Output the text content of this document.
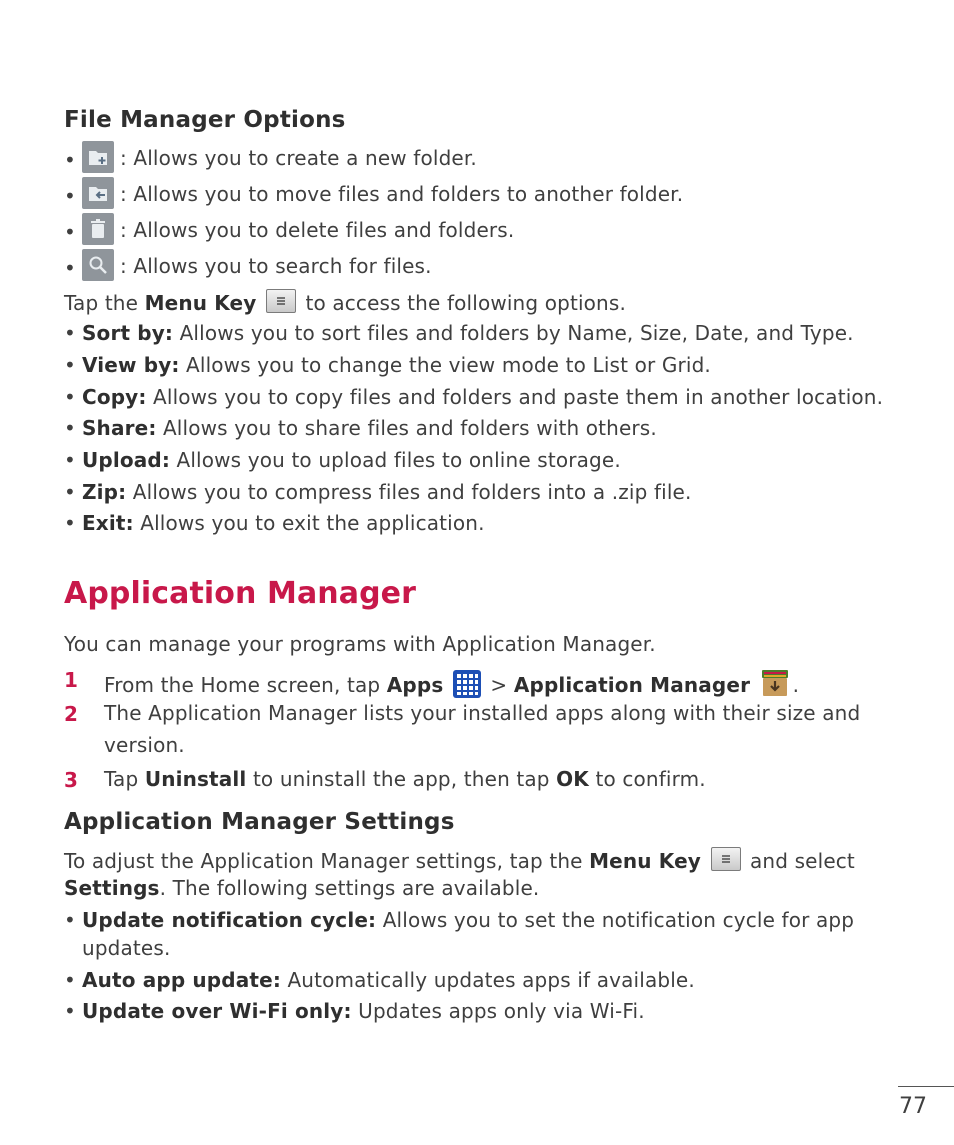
File Manager Options
• : Allows you to create a new folder.
• : Allows you to move files and folders to another folder.
• : Allows you to delete files and folders.
• : Allows you to search for files.
Tap the Menu Key
to access the following options.
• Sort by: Allows you to sort files and folders by Name, Size, Date, and Type.
• View by: Allows you to change the view mode to List or Grid.
• Copy: Allows you to copy files and folders and paste them in another location.
• Share: Allows you to share files and folders with others.
• Upload: Allows you to upload files to online storage.
• Zip: Allows you to compress files and folders into a .zip file.
• Exit: Allows you to exit the application.
Application Manager
You can manage your programs with Application Manager.
1 From the Home screen, tap Apps  > Application Manager .
2 The Application Manager lists your installed apps along with their size and
version.
3 Tap Uninstall to uninstall the app, then tap OK to confirm.
Application Manager Settings
To adjust the Application Manager settings, tap the Menu Key
and select
Settings. The following settings are available.
• Update notification cycle: Allows you to set the notification cycle for app
updates.
• Auto app update: Automatically updates apps if available.
• Update over Wi-Fi only: Updates apps only via Wi-Fi.
77
